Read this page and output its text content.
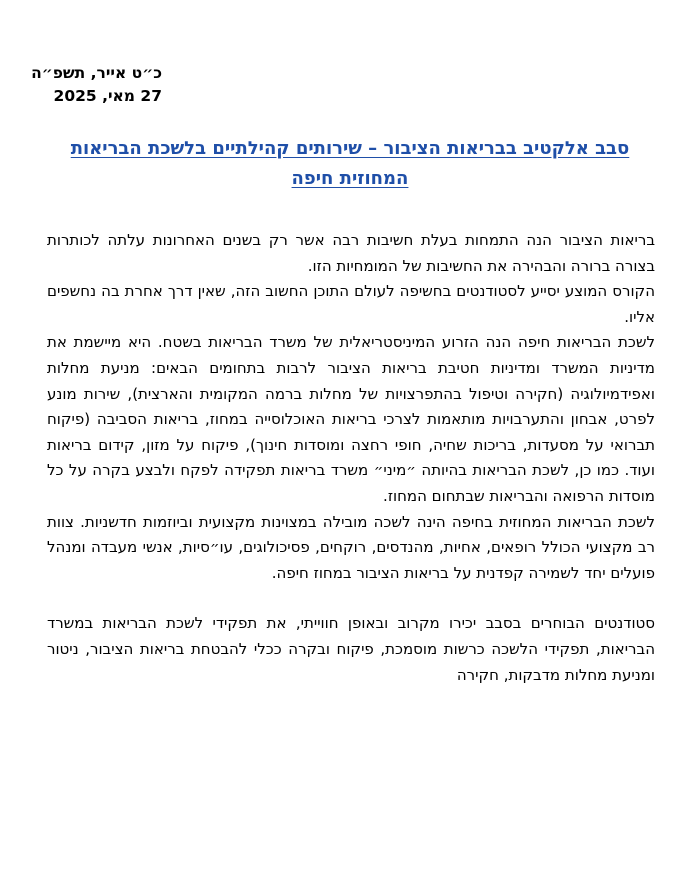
כ״ט אייר, תשפ״ה
27 מאי, 2025
סבב אלקטיב בבריאות הציבור – שירותים קהילתיים בלשכת הבריאות המחוזית חיפה

בריאות הציבור הנה התמחות בעלת חשיבות רבה אשר רק בשנים האחרונות עלתה לכותרות בצורה ברורה והבהירה את החשיבות של המומחיות הזו.

הקורס המוצע יסייע לסטודנטים בחשיפה לעולם התוכן החשוב הזה, שאין דרך אחרת בה נחשפים אליו.

לשכת הבריאות חיפה הנה הזרוע המיניסטריאלית של משרד הבריאות בשטח. היא מיישמת את מדיניות המשרד ומדיניות חטיבת בריאות הציבור לרבות בתחומים הבאים: מניעת מחלות ואפידמיולוגיה (חקירה וטיפול בהתפרצויות של מחלות ברמה המקומית והארצית), שירות מונע לפרט, אבחון והתערבויות מותאמות לצרכי בריאות האוכלוסייה במחוז, בריאות הסביבה (פיקוח תברואי על מסעדות, בריכות שחיה, חופי רחצה ומוסדות חינוך), פיקוח על מזון, קידום בריאות ועוד. כמו כן, לשכת הבריאות בהיותה ״מיני״ משרד בריאות תפקידה לפקח ולבצע בקרה על כל מוסדות הרפואה והבריאות שבתחום המחוז.

לשכת הבריאות המחוזית בחיפה הינה לשכה מובילה במצוינות מקצועית וביוזמות חדשניות. צוות רב מקצועי הכולל רופאים, אחיות, מהנדסים, רוקחים, פסיכולוגים, עו״סיות, אנשי מעבדה ומנהל פועלים יחד לשמירה קפדנית על בריאות הציבור במחוז חיפה.

סטודנטים הבוחרים בסבב יכירו מקרוב ובאופן חווייתי, את תפקידי לשכת הבריאות במשרד הבריאות, תפקידי הלשכה כרשות מוסמכת, פיקוח ובקרה ככלי להבטחת בריאות הציבור, ניטור ומניעת מחלות מדבקות, חקירה
